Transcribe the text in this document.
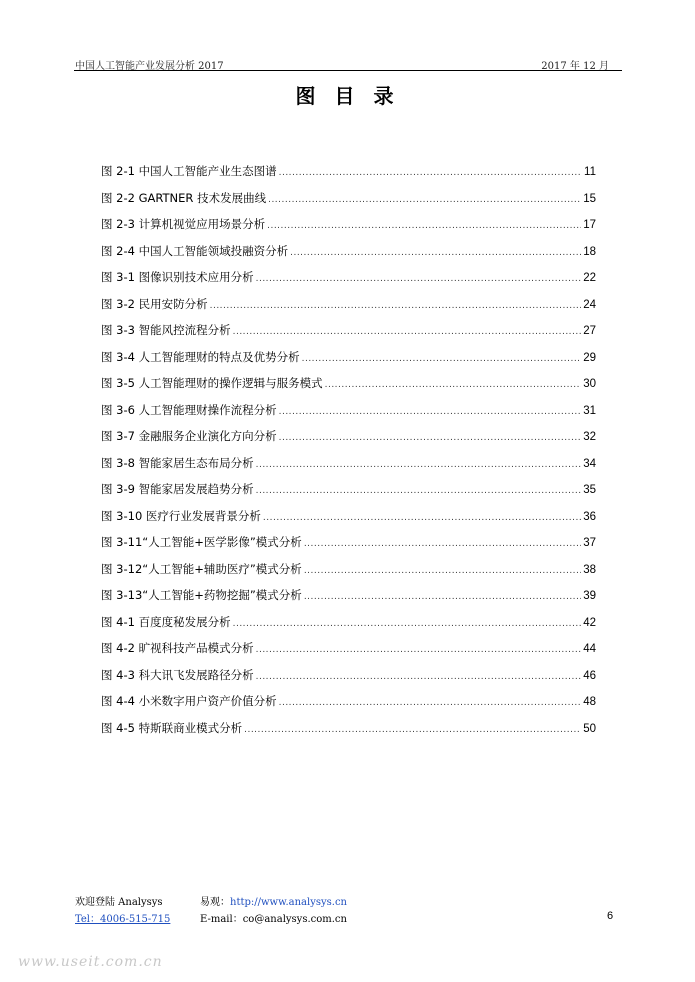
中国人工智能产业发展分析 2017	2017 年 12 月
图 目 录
图 2-1 中国人工智能产业生态图谱 .....	11
图 2-2 GARTNER 技术发展曲线 .....	15
图 2-3 计算机视觉应用场景分析 .....	17
图 2-4 中国人工智能领域投融资分析 .....	18
图 3-1 图像识别技术应用分析 .....	22
图 3-2 民用安防分析 .....	24
图 3-3 智能风控流程分析 .....	27
图 3-4 人工智能理财的特点及优势分析 .....	29
图 3-5 人工智能理财的操作逻辑与服务模式 .....	30
图 3-6 人工智能理财操作流程分析 .....	31
图 3-7 金融服务企业演化方向分析 .....	32
图 3-8 智能家居生态布局分析 .....	34
图 3-9 智能家居发展趋势分析 .....	35
图 3-10 医疗行业发展背景分析 .....	36
图 3-11“人工智能+医学影像”模式分析 .....	37
图 3-12“人工智能+辅助医疗”模式分析 .....	38
图 3-13“人工智能+药物挖掘”模式分析 .....	39
图 4-1 百度度秘发展分析 .....	42
图 4-2 旷视科技产品模式分析 .....	44
图 4-3 科大讯飞发展路径分析 .....	46
图 4-4 小米数字用户资产价值分析 .....	48
图 4-5 特斯联商业模式分析 .....	50
欢迎登陆 Analysys	易观：http://www.analysys.cn
Tel：4006-515-715	E-mail：co@analysys.com.cn	6
www.useit.com.cn
